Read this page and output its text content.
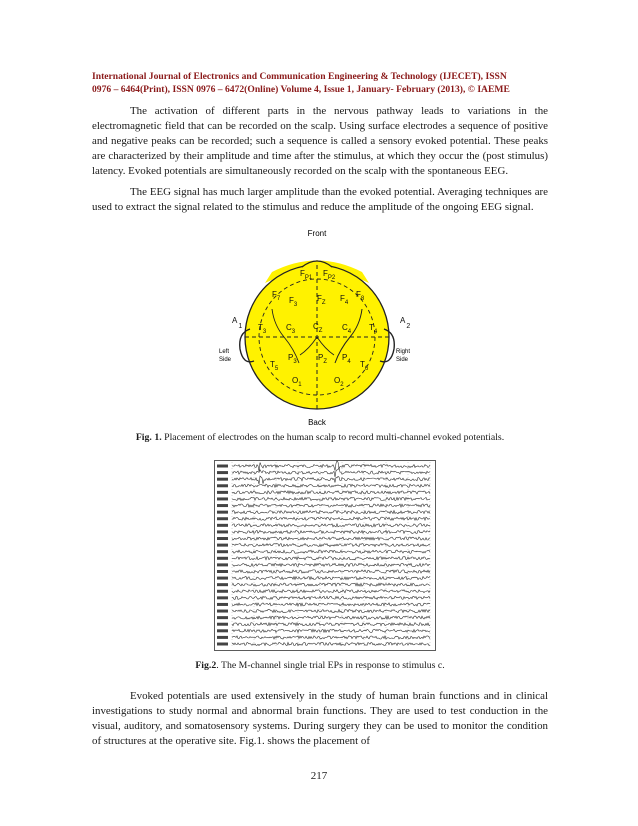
International Journal of Electronics and Communication Engineering & Technology (IJECET), ISSN
0976 – 6464(Print), ISSN 0976 – 6472(Online) Volume 4, Issue 1, January- February (2013), © IAEME

The activation of different parts in the nervous pathway leads to variations in the electromagnetic field that can be recorded on the scalp. Using surface electrodes a sequence of positive and negative peaks can be recorded; such a sequence is called a sensory evoked potential. These peaks are characterized by their amplitude and time after the stimulus, at which they occur the (post stimulus) latency. Evoked potentials are simultaneously recorded on the scalp with the spontaneous EEG.

The EEG signal has much larger amplitude than the evoked potential. Averaging techniques are used to extract the signal related to the stimulus and reduce the amplitude of the ongoing EEG signal.

Front
$F_{P1}$ $F_{P2}$
$F_7$ $F_3$
$F_Z$ $F_4$
$F_8$
A1 $T_3$ $C_3$
$C_Z$ $C_4$ $T_4$
A2
$T_5$
$P_3$	$P_Z$ $P_4$ $T_6$
$O_1$	$O_2$
Left
Side
Right
Side
Back

Fig. 1. Placement of electrodes on the human scalp to record multi-channel evoked potentials.

Fig.2. The M-channel single trial EPs in response to stimulus c.

Evoked potentials are used extensively in the study of human brain functions and in clinical investigations to study normal and abnormal brain functions. They are used to test conduction in the visual, auditory, and somatosensory systems. During surgery they can be used to monitor the condition of structures at the operative site. Fig.1. shows the placement of

217
